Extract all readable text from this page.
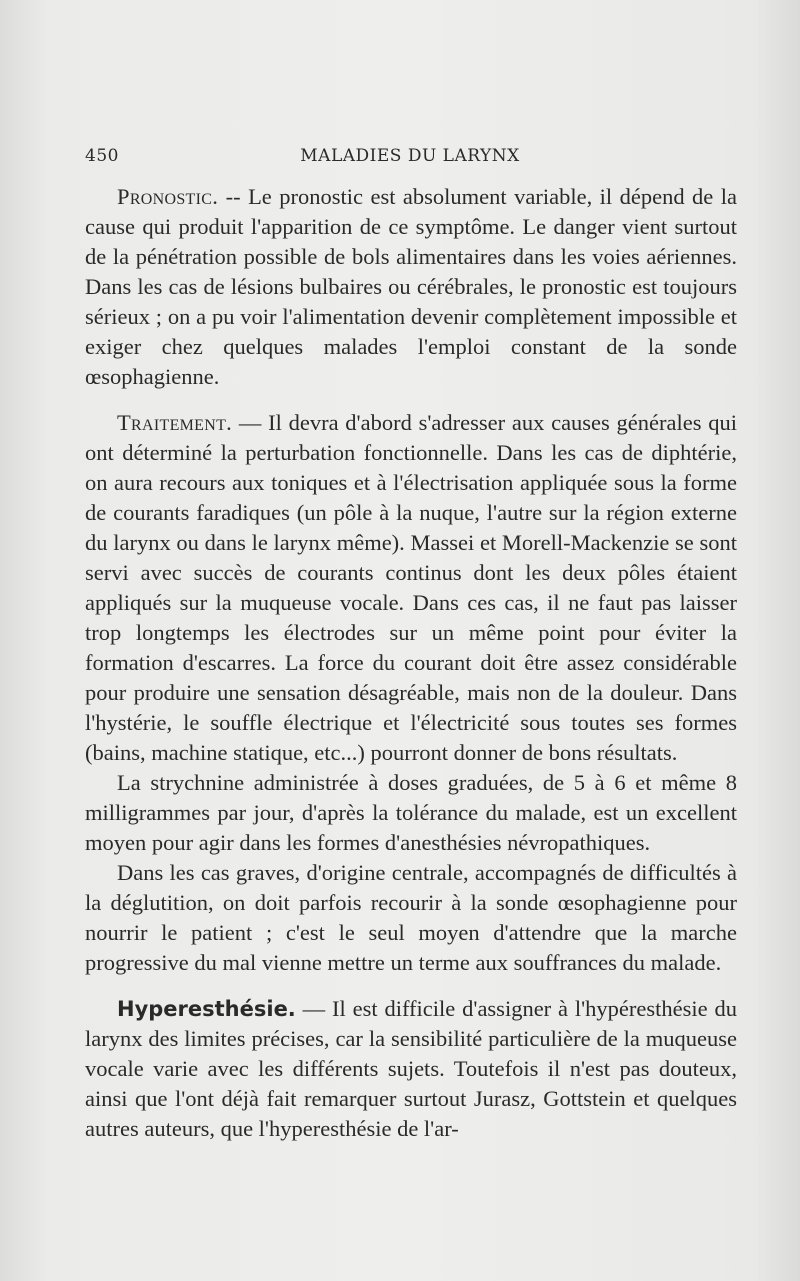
450	MALADIES DU LARYNX

Pronostic. -- Le pronostic est absolument variable, il dépend de la cause qui produit l'apparition de ce symptôme. Le danger vient surtout de la pénétration possible de bols alimentaires dans les voies aériennes. Dans les cas de lésions bulbaires ou cérébrales, le pronostic est toujours sérieux ; on a pu voir l'alimentation devenir complètement impossible et exiger chez quelques malades l'emploi constant de la sonde œsophagienne.

Traitement. — Il devra d'abord s'adresser aux causes générales qui ont déterminé la perturbation fonctionnelle. Dans les cas de diphtérie, on aura recours aux toniques et à l'électrisation appliquée sous la forme de courants faradiques (un pôle à la nuque, l'autre sur la région externe du larynx ou dans le larynx même). Massei et Morell-Mackenzie se sont servi avec succès de courants continus dont les deux pôles étaient appliqués sur la muqueuse vocale. Dans ces cas, il ne faut pas laisser trop longtemps les électrodes sur un même point pour éviter la formation d'escarres. La force du courant doit être assez considérable pour produire une sensation désagréable, mais non de la douleur. Dans l'hystérie, le souffle électrique et l'électricité sous toutes ses formes (bains, machine statique, etc...) pourront donner de bons résultats.

La strychnine administrée à doses graduées, de 5 à 6 et même 8 milligrammes par jour, d'après la tolérance du malade, est un excellent moyen pour agir dans les formes d'anesthésies névropathiques.

Dans les cas graves, d'origine centrale, accompagnés de difficultés à la déglutition, on doit parfois recourir à la sonde œsophagienne pour nourrir le patient ; c'est le seul moyen d'attendre que la marche progressive du mal vienne mettre un terme aux souffrances du malade.

Hyperesthésie. — Il est difficile d'assigner à l'hypéresthésie du larynx des limites précises, car la sensibilité particulière de la muqueuse vocale varie avec les différents sujets. Toutefois il n'est pas douteux, ainsi que l'ont déjà fait remarquer surtout Jurasz, Gottstein et quelques autres auteurs, que l'hyperesthésie de l'ar-
